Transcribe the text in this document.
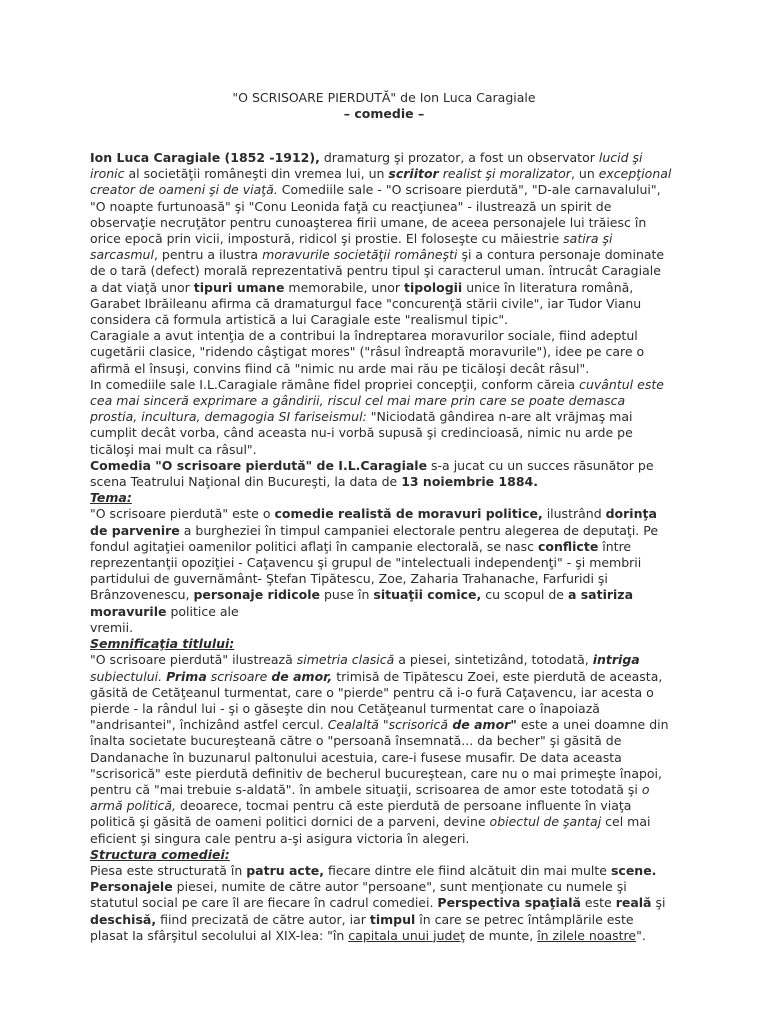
"O SCRISOARE PIERDUTĂ" de Ion Luca Caragiale
– comedie –

Ion Luca Caragiale (1852 -1912), dramaturg şi prozator, a fost un observator lucid şi ironic al societăţii româneşti din vremea lui, un scriitor realist şi moralizator, un excepţional creator de oameni şi de viaţă. Comediile sale - "O scrisoare pierdută", "D-ale carnavalului", "O noapte furtunoasă" şi "Conu Leonida faţă cu reacţiunea" - ilustrează un spirit de observaţie necruţător pentru cunoaşterea firii umane, de aceea personajele lui trăiesc în orice epocă prin vicii, impostură, ridicol şi prostie. El foloseşte cu măiestrie satira şi sarcasmul, pentru a ilustra moravurile societăţii româneşti şi a contura personaje dominate de o tară (defect) morală reprezentativă pentru tipul şi caracterul uman. întrucât Caragiale a dat viaţă unor tipuri umane memorabile, unor tipologii unice în literatura română, Garabet Ibrăileanu afirma că dramaturgul face "concurenţă stării civile", iar Tudor Vianu considera că formula artistică a lui Caragiale este "realismul tipic".

Caragiale a avut intenţia de a contribui la îndreptarea moravurilor sociale, fiind adeptul cugetării clasice, "ridendo câştigat mores" ("râsul îndreaptă moravurile"), idee pe care o afirmă el însuşi, convins fiind că "nimic nu arde mai rău pe ticăloşi decât râsul".

In comediile sale I.L.Caragiale rămâne fidel propriei concepţii, conform căreia cuvântul este cea mai sinceră exprimare a gândirii, riscul cel mai mare prin care se poate demasca prostia, incultura, demagogia SI fariseismul: "Niciodată gândirea n-are alt vrăjmaş mai cumplit decât vorba, când aceasta nu-i vorbă supusă şi credincioasă, nimic nu arde pe ticăloşi mai mult ca râsul".

Comedia "O scrisoare pierdută" de I.L.Caragiale s-a jucat cu un succes răsunător pe scena Teatrului Naţional din Bucureşti, la data de 13 noiembrie 1884.

Tema:

"O scrisoare pierdută" este o comedie realistă de moravuri politice, ilustrând dorinţa de parvenire a burgheziei în timpul campaniei electorale pentru alegerea de deputaţi. Pe fondul agitaţiei oamenilor politici aflaţi în campanie electorală, se nasc conflicte între reprezentanţii opoziţiei - Caţavencu şi grupul de "intelectuali independenţi" - şi membrii partidului de guvernământ- Ştefan Tipătescu, Zoe, Zaharia Trahanache, Farfuridi şi Brânzovenescu, personaje ridicole puse în situaţii comice, cu scopul de a satiriza moravurile politice ale

vremii.

Semnificaţia titlului:

"O scrisoare pierdută" ilustrează simetria clasică a piesei, sintetizând, totodată, intriga subiectului. Prima scrisoare de amor, trimisă de Tipătescu Zoei, este pierdută de aceasta, găsită de Cetăţeanul turmentat, care o "pierde" pentru că i-o fură Caţavencu, iar acesta o pierde - la rândul lui - şi o găseşte din nou Cetăţeanul turmentat care o înapoiază "andrisantei", închizând astfel cercul. Cealaltă "scrisorică de amor" este a unei doamne din înalta societate bucureşteană către o "persoană însemnată... da becher" şi găsită de Dandanache în buzunarul paltonului acestuia, care-i fusese musafir. De data aceasta "scrisorică" este pierdută definitiv de becherul bucureştean, care nu o mai primeşte înapoi, pentru că "mai trebuie s-aldată". în ambele situaţii, scrisoarea de amor este totodată şi o armă politică, deoarece, tocmai pentru că este pierdută de persoane influente în viaţa politică şi găsită de oameni politici dornici de a parveni, devine obiectul de şantaj cel mai eficient şi singura cale pentru a-şi asigura victoria în alegeri.

Structura comediei:

Piesa este structurată în patru acte, fiecare dintre ele fiind alcătuit din mai multe scene. Personajele piesei, numite de către autor "persoane", sunt menţionate cu numele şi statutul social pe care îl are fiecare în cadrul comediei. Perspectiva spaţială este reală şi deschisă, fiind precizată de către autor, iar timpul în care se petrec întâmplările este plasat Ia sfârşitul secolului al XIX-lea: "în capitala unui judeţ de munte, în zilele noastre".
